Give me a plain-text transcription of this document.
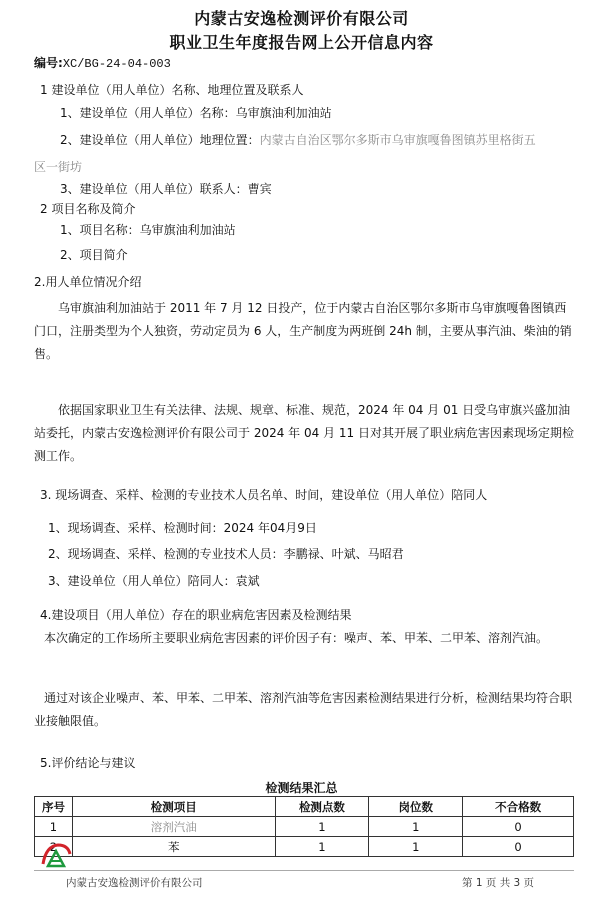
内蒙古安逸检测评价有限公司
职业卫生年度报告网上公开信息内容
编号:XC/BG-24-04-003
1 建设单位（用人单位）名称、地理位置及联系人
1、建设单位（用人单位）名称：乌审旗油利加油站
2、建设单位（用人单位）地理位置：内蒙古自治区鄂尔多斯市乌审旗嘎鲁图镇苏里格街五
区一街坊
3、建设单位（用人单位）联系人：曹宾
2 项目名称及简介
1、项目名称：乌审旗油利加油站
2、项目简介
2.用人单位情况介绍
乌审旗油利加油站于 2011 年 7 月 12 日投产，位于内蒙古自治区鄂尔多斯市乌审旗嘎鲁图镇西门口，注册类型为个人独资，劳动定员为 6 人，生产制度为两班倒 24h 制，主要从事汽油、柴油的销售。
依据国家职业卫生有关法律、法规、规章、标准、规范，2024 年 04 月 01 日受乌审旗兴盛加油站委托，内蒙古安逸检测评价有限公司于 2024 年 04 月 11 日对其开展了职业病危害因素现场定期检测工作。
3. 现场调查、采样、检测的专业技术人员名单、时间，建设单位（用人单位）陪同人
1、现场调查、采样、检测时间：2024 年04月9日
2、现场调查、采样、检测的专业技术人员：李鹏禄、叶斌、马昭君
3、建设单位（用人单位）陪同人：袁斌
4.建设项目（用人单位）存在的职业病危害因素及检测结果
本次确定的工作场所主要职业病危害因素的评价因子有：噪声、苯、甲苯、二甲苯、溶剂汽油。
通过对该企业噪声、苯、甲苯、二甲苯、溶剂汽油等危害因素检测结果进行分析，检测结果均符合职业接触限值。
5.评价结论与建议
检测结果汇总
序号	检测项目	检测点数	岗位数	不合格数
1	溶剂汽油	1	1	0
2	苯	1	1	0
内蒙古安逸检测评价有限公司	第 1 页 共 3 页
